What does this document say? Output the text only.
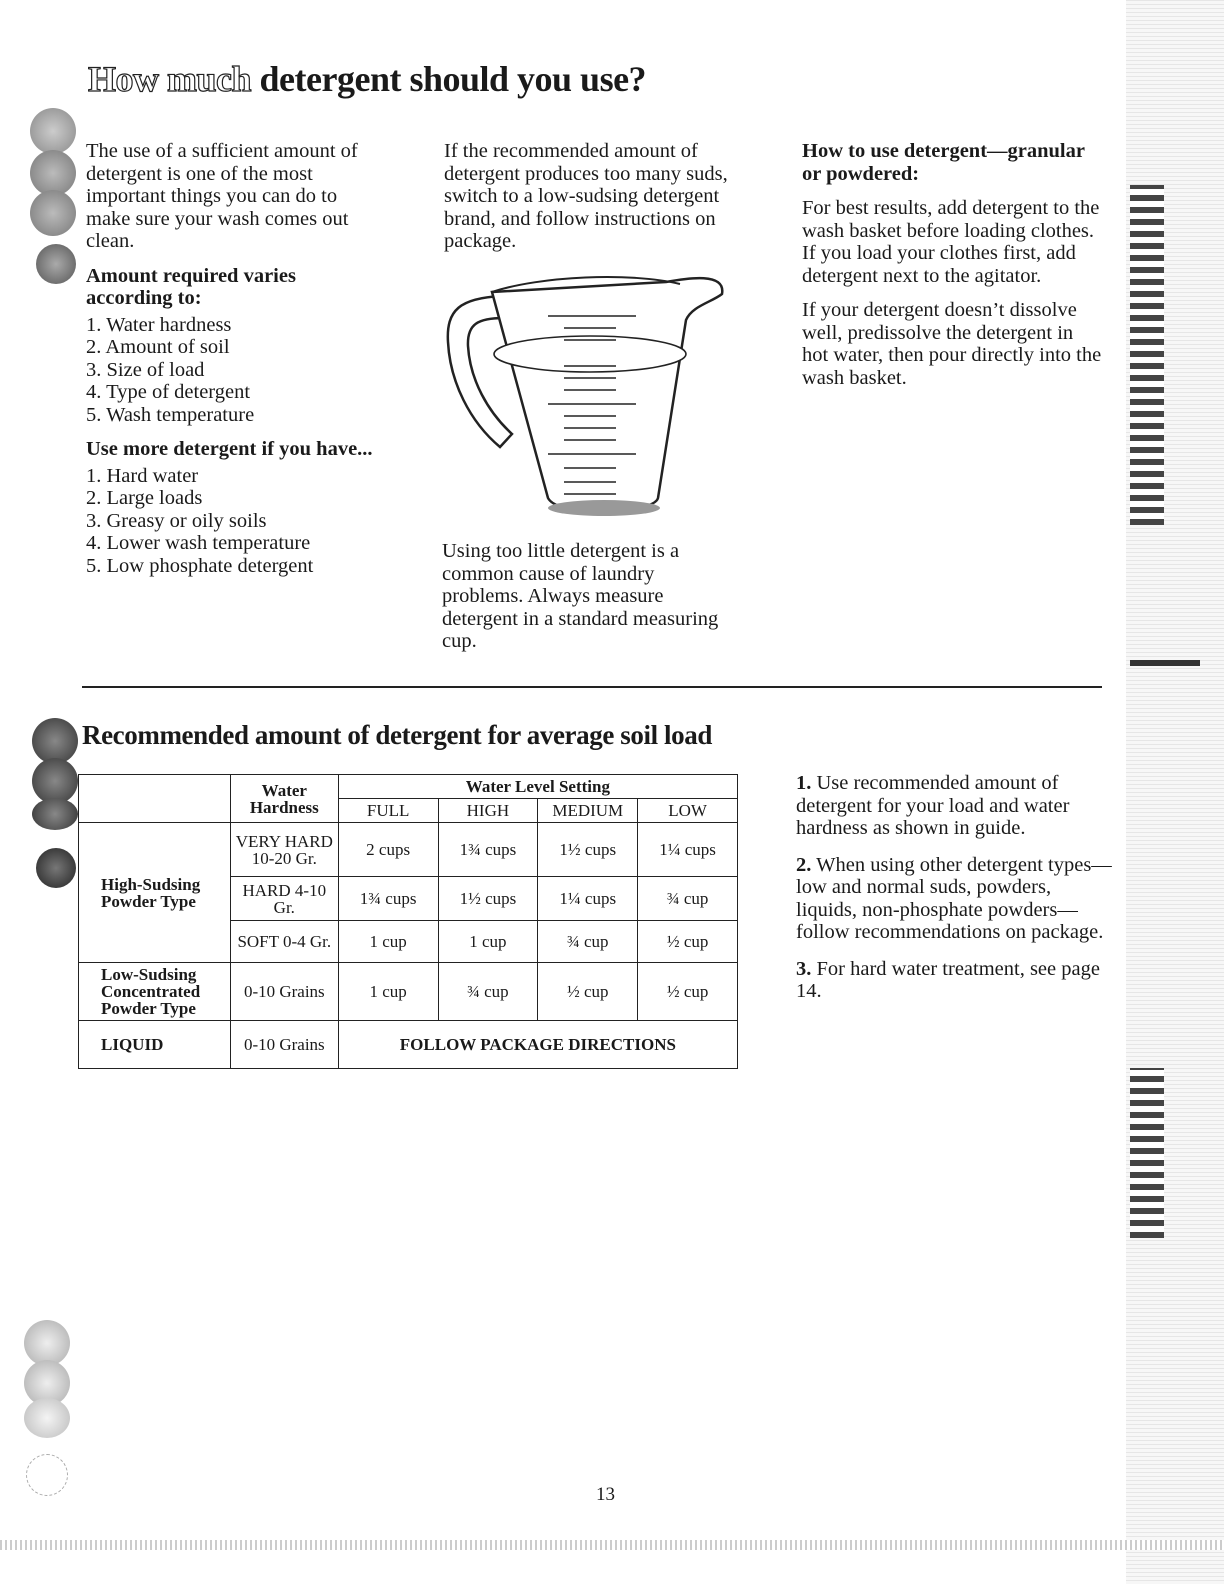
How much detergent should you use?

The use of a sufficient amount of detergent is one of the most important things you can do to make sure your wash comes out clean.

Amount required varies according to:
1. Water hardness
2. Amount of soil
3. Size of load
4. Type of detergent
5. Wash temperature
Use more detergent if you have...
1. Hard water
2. Large loads
3. Greasy or oily soils
4. Lower wash temperature
5. Low phosphate detergent

If the recommended amount of detergent produces too many suds, switch to a low-sudsing detergent brand, and follow instructions on package.

Using too little detergent is a common cause of laundry problems. Always measure detergent in a standard measuring cup.

How to use detergent—granular or powdered:

For best results, add detergent to the wash basket before loading clothes. If you load your clothes first, add detergent next to the agitator.

If your detergent doesn’t dissolve well, predissolve the detergent in hot water, then pour directly into the wash basket.

Recommended amount of detergent for average soil load
	Water Hardness	Water Level Setting			
		FULL	HIGH	MEDIUM	LOW
High-Sudsing Powder Type	VERY HARD 10-20 Gr.	2 cups	1¾ cups	1½ cups	1¼ cups
	HARD 4-10 Gr.	1¾ cups	1½ cups	1¼ cups	¾ cup
	SOFT 0-4 Gr.	1 cup	1 cup	¾ cup	½ cup
Low-Sudsing Concentrated Powder Type	0-10 Grains	1 cup	¾ cup	½ cup	½ cup
LIQUID	0-10 Grains	FOLLOW PACKAGE DIRECTIONS			

1. Use recommended amount of detergent for your load and water hardness as shown in guide.

2. When using other detergent types—low and normal suds, powders, liquids, non-phosphate powders—follow recommendations on package.

3. For hard water treatment, see page 14.

13
